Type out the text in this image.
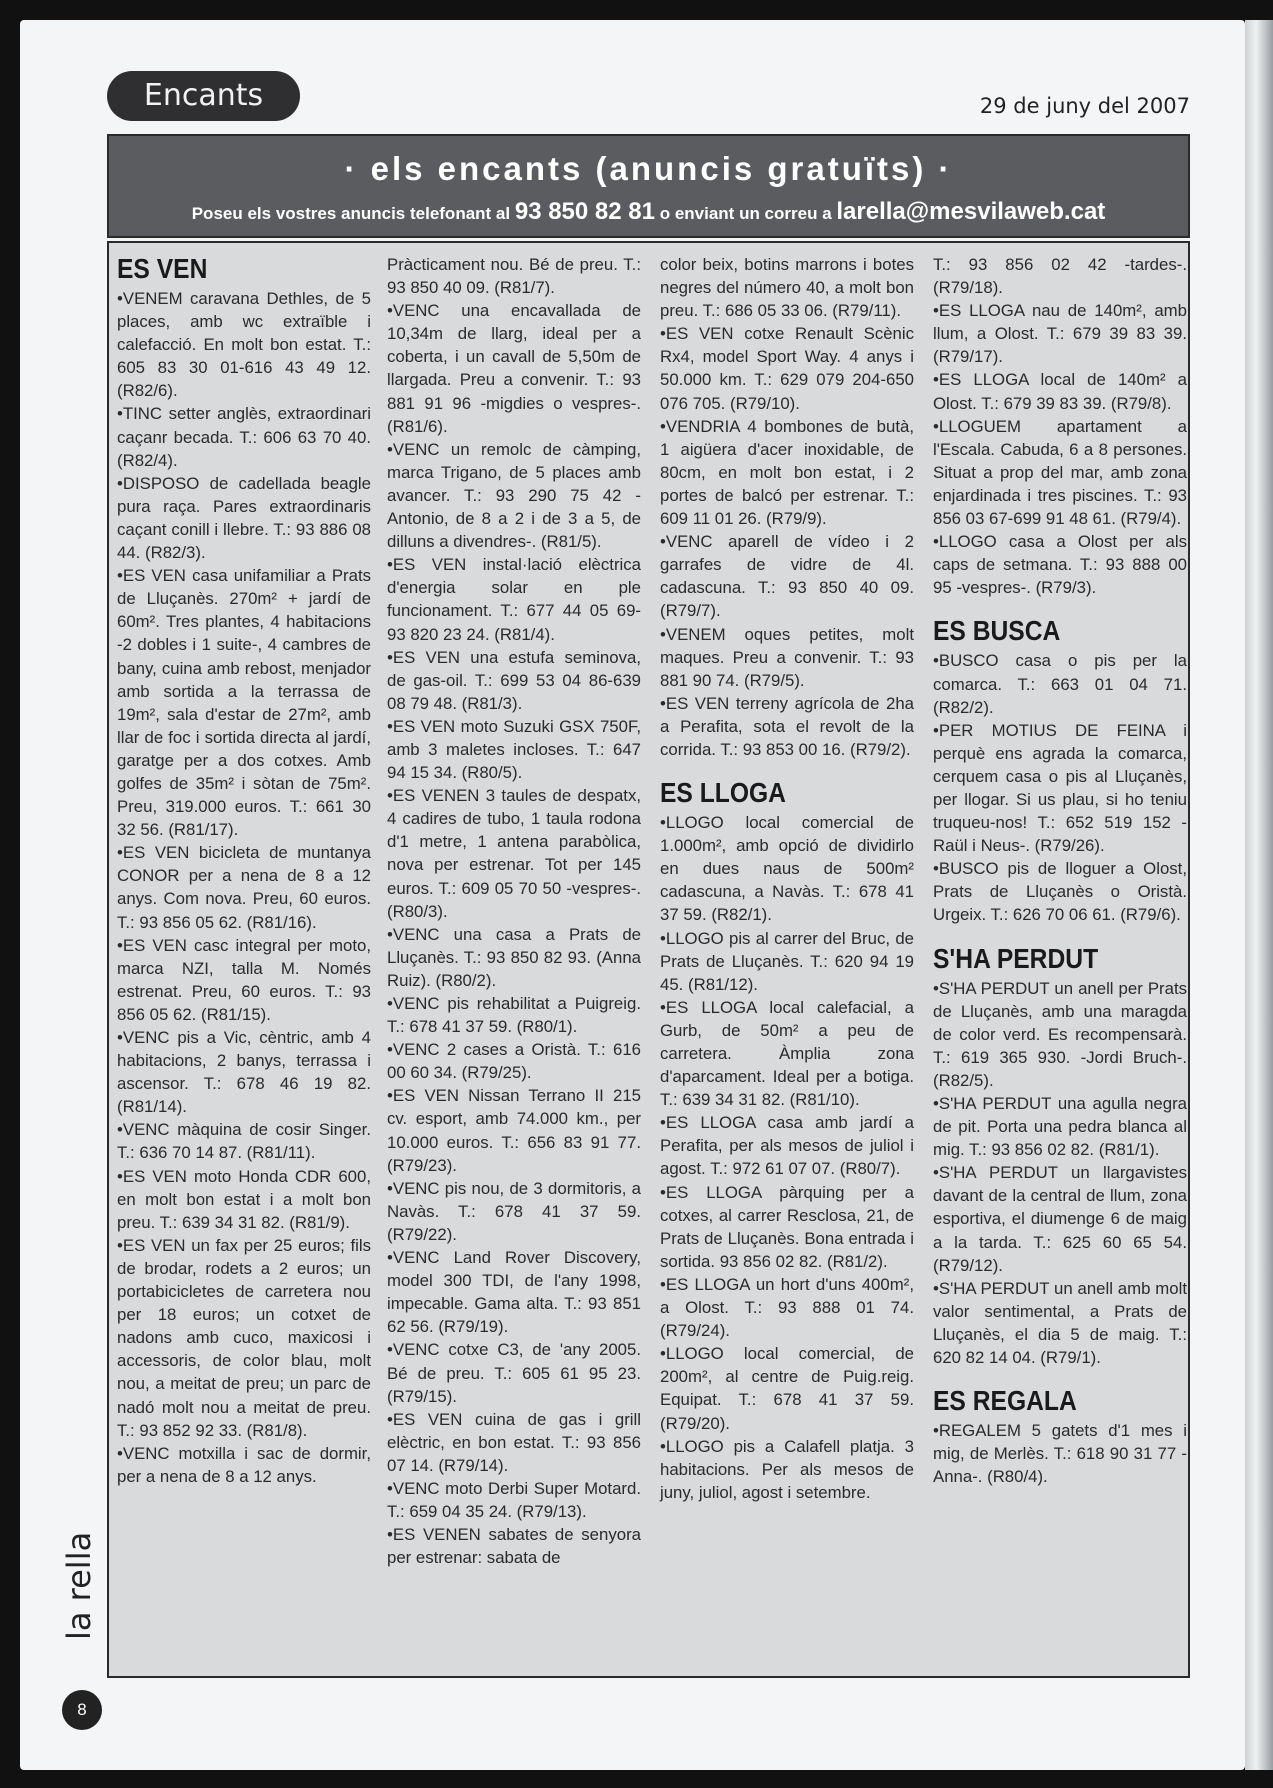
Encants	29 de juny del 2007
· els encants (anuncis gratuïts) ·
Poseu els vostres anuncis telefonant al 93 850 82 81 o enviant un correu a larella@mesvilaweb.cat
ES VEN
•VENEM caravana Dethles, de 5 places, amb wc extraïble i calefacció. En molt bon estat. T.: 605 83 30 01-616 43 49 12. (R82/6).
•TINC setter anglès, extraordinari caçanr becada. T.: 606 63 70 40. (R82/4).
•DISPOSO de cadellada beagle pura raça. Pares extraordinaris caçant conill i llebre. T.: 93 886 08 44. (R82/3).
•ES VEN casa unifamiliar a Prats de Lluçanès. 270m² + jardí de 60m². Tres plantes, 4 habitacions -2 dobles i 1 suite-, 4 cambres de bany, cuina amb rebost, menjador amb sortida a la terrassa de 19m², sala d'estar de 27m², amb llar de foc i sortida directa al jardí, garatge per a dos cotxes. Amb golfes de 35m² i sòtan de 75m². Preu, 319.000 euros. T.: 661 30 32 56. (R81/17).
•ES VEN bicicleta de muntanya CONOR per a nena de 8 a 12 anys. Com nova. Preu, 60 euros. T.: 93 856 05 62. (R81/16).
•ES VEN casc integral per moto, marca NZI, talla M. Només estrenat. Preu, 60 euros. T.: 93 856 05 62. (R81/15).
•VENC pis a Vic, cèntric, amb 4 habitacions, 2 banys, terrassa i ascensor. T.: 678 46 19 82. (R81/14).
•VENC màquina de cosir Singer. T.: 636 70 14 87. (R81/11).
•ES VEN moto Honda CDR 600, en molt bon estat i a molt bon preu. T.: 639 34 31 82. (R81/9).
•ES VEN un fax per 25 euros; fils de brodar, rodets a 2 euros; un portabicicletes de carretera nou per 18 euros; un cotxet de nadons amb cuco, maxicosi i accessoris, de color blau, molt nou, a meitat de preu; un parc de nadó molt nou a meitat de preu. T.: 93 852 92 33. (R81/8).
•VENC motxilla i sac de dormir, per a nena de 8 a 12 anys.
Pràcticament nou. Bé de preu. T.: 93 850 40 09. (R81/7).
•VENC una encavallada de 10,34m de llarg, ideal per a coberta, i un cavall de 5,50m de llargada. Preu a convenir. T.: 93 881 91 96 -migdies o vespres-. (R81/6).
•VENC un remolc de càmping, marca Trigano, de 5 places amb avancer. T.: 93 290 75 42 -Antonio, de 8 a 2 i de 3 a 5, de dilluns a divendres-. (R81/5).
•ES VEN instal·lació elèctrica d'energia solar en ple funcionament. T.: 677 44 05 69-93 820 23 24. (R81/4).
•ES VEN una estufa seminova, de gas-oil. T.: 699 53 04 86-639 08 79 48. (R81/3).
•ES VEN moto Suzuki GSX 750F, amb 3 maletes incloses. T.: 647 94 15 34. (R80/5).
•ES VENEN 3 taules de despatx, 4 cadires de tubo, 1 taula rodona d'1 metre, 1 antena parabòlica, nova per estrenar. Tot per 145 euros. T.: 609 05 70 50 -vespres-. (R80/3).
•VENC una casa a Prats de Lluçanès. T.: 93 850 82 93. (Anna Ruiz). (R80/2).
•VENC pis rehabilitat a Puigreig. T.: 678 41 37 59. (R80/1).
•VENC 2 cases a Oristà. T.: 616 00 60 34. (R79/25).
•ES VEN Nissan Terrano II 215 cv. esport, amb 74.000 km., per 10.000 euros. T.: 656 83 91 77. (R79/23).
•VENC pis nou, de 3 dormitoris, a Navàs. T.: 678 41 37 59. (R79/22).
•VENC Land Rover Discovery, model 300 TDI, de l'any 1998, impecable. Gama alta. T.: 93 851 62 56. (R79/19).
•VENC cotxe C3, de 'any 2005. Bé de preu. T.: 605 61 95 23. (R79/15).
•ES VEN cuina de gas i grill elèctric, en bon estat. T.: 93 856 07 14. (R79/14).
•VENC moto Derbi Super Motard. T.: 659 04 35 24. (R79/13).
•ES VENEN sabates de senyora per estrenar: sabata de
color beix, botins marrons i botes negres del número 40, a molt bon preu. T.: 686 05 33 06. (R79/11).
•ES VEN cotxe Renault Scènic Rx4, model Sport Way. 4 anys i 50.000 km. T.: 629 079 204-650 076 705. (R79/10).
•VENDRIA 4 bombones de butà, 1 aigüera d'acer inoxidable, de 80cm, en molt bon estat, i 2 portes de balcó per estrenar. T.: 609 11 01 26. (R79/9).
•VENC aparell de vídeo i 2 garrafes de vidre de 4l. cadascuna. T.: 93 850 40 09. (R79/7).
•VENEM oques petites, molt maques. Preu a convenir. T.: 93 881 90 74. (R79/5).
•ES VEN terreny agrícola de 2ha a Perafita, sota el revolt de la corrida. T.: 93 853 00 16. (R79/2).
ES LLOGA
•LLOGO local comercial de 1.000m², amb opció de dividirlo en dues naus de 500m² cadascuna, a Navàs. T.: 678 41 37 59. (R82/1).
•LLOGO pis al carrer del Bruc, de Prats de Lluçanès. T.: 620 94 19 45. (R81/12).
•ES LLOGA local calefacial, a Gurb, de 50m² a peu de carretera. Àmplia zona d'aparcament. Ideal per a botiga. T.: 639 34 31 82. (R81/10).
•ES LLOGA casa amb jardí a Perafita, per als mesos de juliol i agost. T.: 972 61 07 07. (R80/7).
•ES LLOGA pàrquing per a cotxes, al carrer Resclosa, 21, de Prats de Lluçanès. Bona entrada i sortida. 93 856 02 82. (R81/2).
•ES LLOGA un hort d'uns 400m², a Olost. T.: 93 888 01 74. (R79/24).
•LLOGO local comercial, de 200m², al centre de Puig.reig. Equipat. T.: 678 41 37 59. (R79/20).
•LLOGO pis a Calafell platja. 3 habitacions. Per als mesos de juny, juliol, agost i setembre.
T.: 93 856 02 42 -tardes-. (R79/18).
•ES LLOGA nau de 140m², amb llum, a Olost. T.: 679 39 83 39. (R79/17).
•ES LLOGA local de 140m² a Olost. T.: 679 39 83 39. (R79/8).
•LLOGUEM apartament a l'Escala. Cabuda, 6 a 8 persones. Situat a prop del mar, amb zona enjardinada i tres piscines. T.: 93 856 03 67-699 91 48 61. (R79/4).
•LLOGO casa a Olost per als caps de setmana. T.: 93 888 00 95 -vespres-. (R79/3).
ES BUSCA
•BUSCO casa o pis per la comarca. T.: 663 01 04 71. (R82/2).
•PER MOTIUS DE FEINA i perquè ens agrada la comarca, cerquem casa o pis al Lluçanès, per llogar. Si us plau, si ho teniu truqueu-nos! T.: 652 519 152 -Raül i Neus-. (R79/26).
•BUSCO pis de lloguer a Olost, Prats de Lluçanès o Oristà. Urgeix. T.: 626 70 06 61. (R79/6).
S'HA PERDUT
•S'HA PERDUT un anell per Prats de Lluçanès, amb una maragda de color verd. Es recompensarà. T.: 619 365 930. -Jordi Bruch-.(R82/5).
•S'HA PERDUT una agulla negra de pit. Porta una pedra blanca al mig. T.: 93 856 02 82. (R81/1).
•S'HA PERDUT un llargavistes davant de la central de llum, zona esportiva, el diumenge 6 de maig a la tarda. T.: 625 60 65 54. (R79/12).
•S'HA PERDUT un anell amb molt valor sentimental, a Prats de Lluçanès, el dia 5 de maig. T.: 620 82 14 04. (R79/1).
ES REGALA
•REGALEM 5 gatets d'1 mes i mig, de Merlès. T.: 618 90 31 77 -Anna-. (R80/4).
la rella
8
